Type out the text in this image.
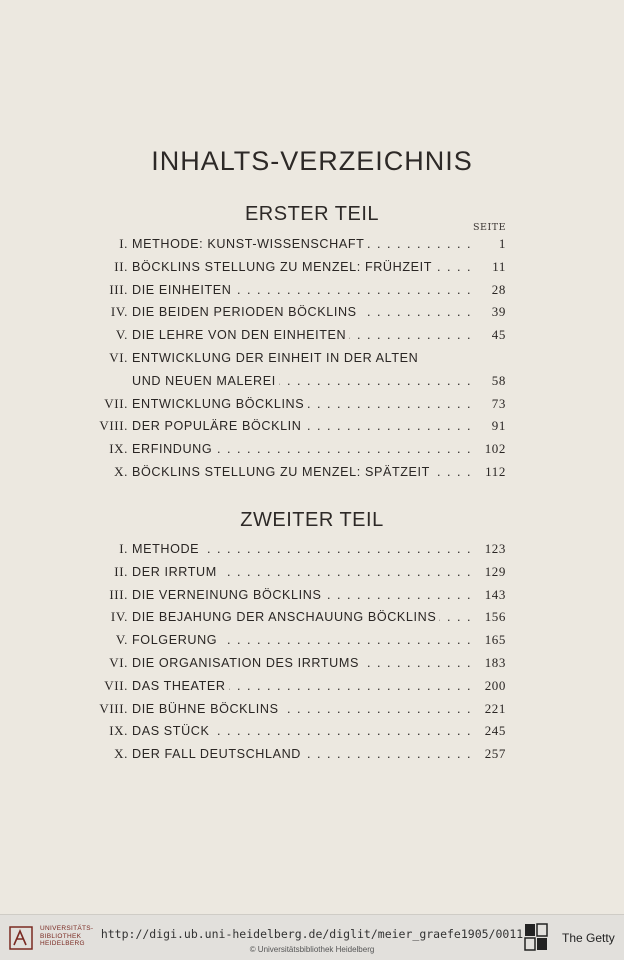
INHALTS-VERZEICHNIS
ERSTER TEIL
SEITE
I. METHODE: KUNST-WISSENSCHAFT . . .	1
II. BÖCKLINS STELLUNG ZU MENZEL: FRÜHZEIT . . .	11
III. DIE EINHEITEN . . .	28
IV. DIE BEIDEN PERIODEN BÖCKLINS . . .	39
V. DIE LEHRE VON DEN EINHEITEN . . .	45
VI. ENTWICKLUNG DER EINHEIT IN DER ALTEN
UND NEUEN MALEREI . . .	58
VII. ENTWICKLUNG BÖCKLINS . . .	73
VIII. DER POPULÄRE BÖCKLIN . . .	91
IX. ERFINDUNG . . .	102
X. BÖCKLINS STELLUNG ZU MENZEL: SPÄTZEIT . . .	112
ZWEITER TEIL
I. METHODE . . .	123
II. DER IRRTUM . . .	129
III. DIE VERNEINUNG BÖCKLINS . . .	143
IV. DIE BEJAHUNG DER ANSCHAUUNG BÖCKLINS . . .	156
V. FOLGERUNG . . .	165
VI. DIE ORGANISATION DES IRRTUMS . . .	183
VII. DAS THEATER . . .	200
VIII. DIE BÜHNE BÖCKLINS . . .	221
IX. DAS STÜCK . . .	245
X. DER FALL DEUTSCHLAND . . .	257
UNIVERSITÄTS-
BIBLIOTHEK
HEIDELBERG
http://digi.ub.uni-heidelberg.de/diglit/meier_graefe1905/0011
© Universitätsbibliothek Heidelberg
The Getty
